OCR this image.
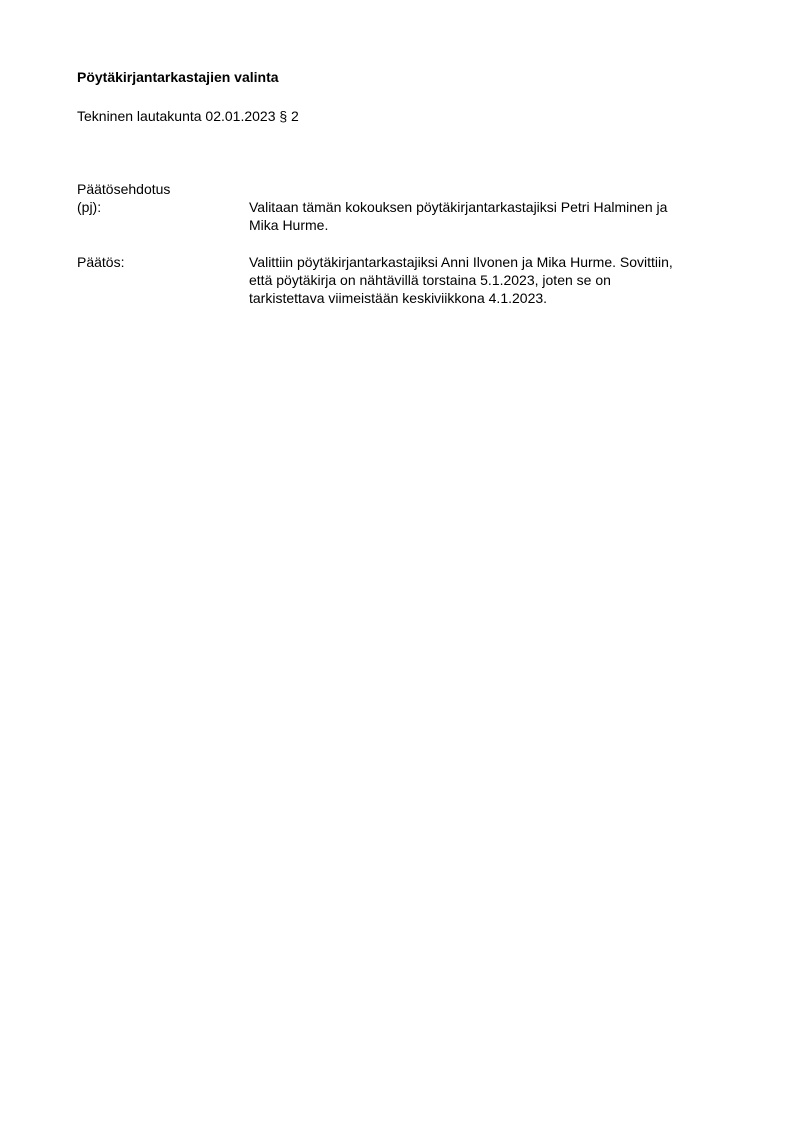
Pöytäkirjantarkastajien valinta
Tekninen lautakunta 02.01.2023 § 2
Päätösehdotus
(pj):	Valitaan tämän kokouksen pöytäkirjantarkastajiksi Petri Halminen ja
Mika Hurme.
Päätös:	Valittiin pöytäkirjantarkastajiksi Anni Ilvonen ja Mika Hurme. Sovittiin,
että pöytäkirja on nähtävillä torstaina 5.1.2023, joten se on
tarkistettava viimeistään keskiviikkona 4.1.2023.
